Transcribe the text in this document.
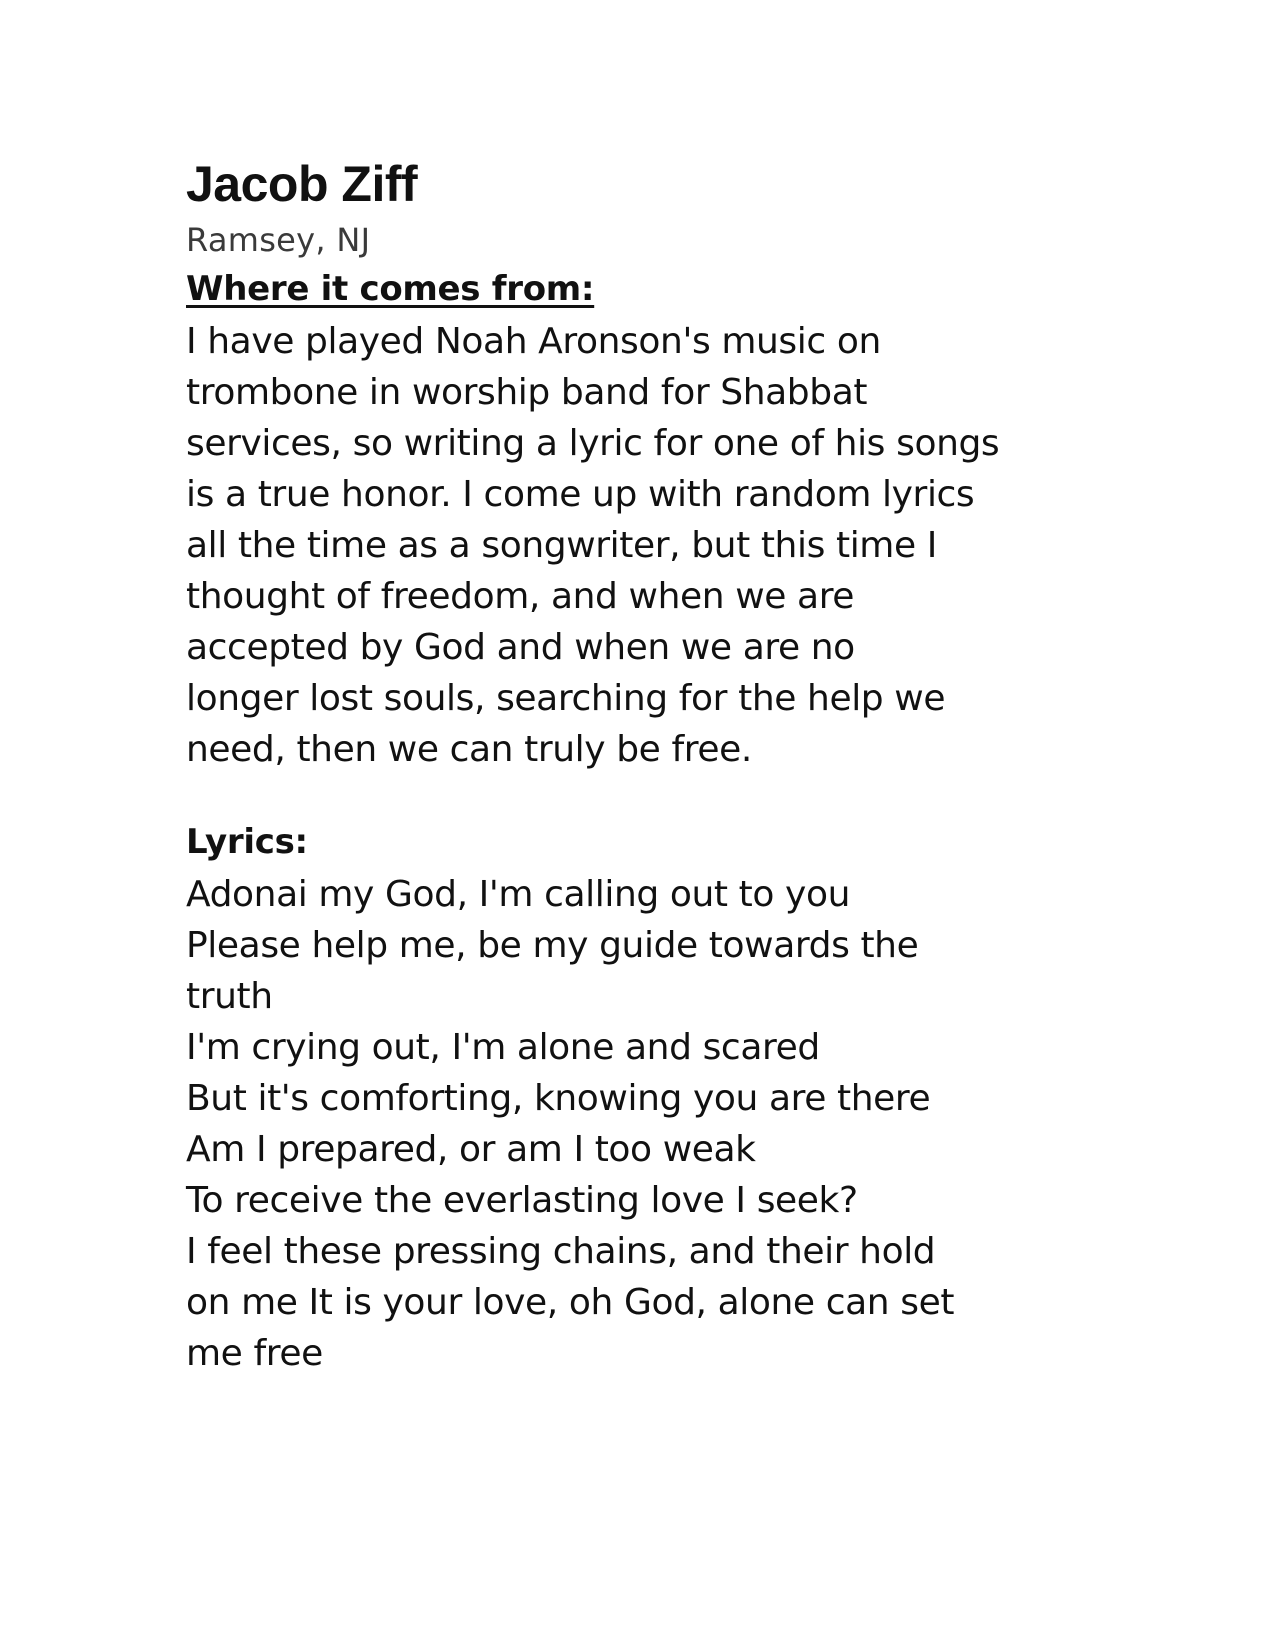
Jacob Ziff
Ramsey, NJ
Where it comes from:
I have played Noah Aronson's music on
trombone in worship band for Shabbat
services, so writing a lyric for one of his songs
is a true honor. I come up with random lyrics
all the time as a songwriter, but this time I
thought of freedom, and when we are
accepted by God and when we are no
longer lost souls, searching for the help we
need, then we can truly be free.
Lyrics:
Adonai my God, I'm calling out to you
Please help me, be my guide towards the
truth
I'm crying out, I'm alone and scared
But it's comforting, knowing you are there
Am I prepared, or am I too weak
To receive the everlasting love I seek?
I feel these pressing chains, and their hold
on me It is your love, oh God, alone can set
me free
